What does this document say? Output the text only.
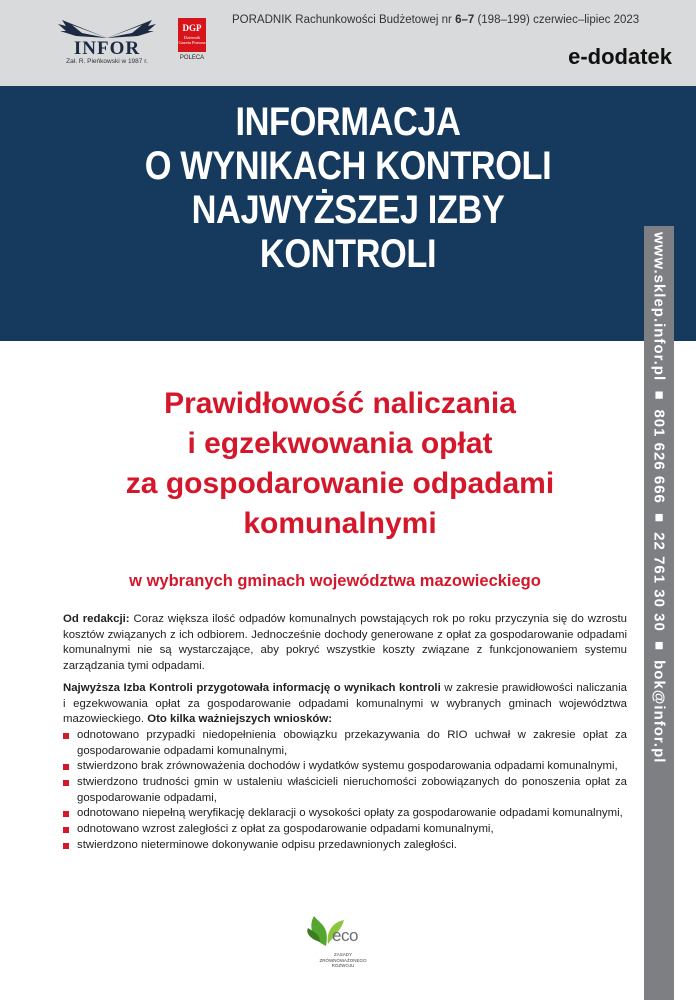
INFOR
Zał. R. Pieńkowski w 1987 r.
DGP
Dziennik Gazeta Prawna
POLECA
PORADNIK Rachunkowości Budżetowej nr 6–7 (198–199) czerwiec–lipiec 2023
e-dodatek
INFORMACJA
O WYNIKACH KONTROLI
NAJWYŻSZEJ IZBY
KONTROLI	www.sklep.infor.pl ■ 801 626 666 ■ 22 761 30 30 ■ bok@infor.pl
Prawidłowość naliczania
i egzekwowania opłat
za gospodarowanie odpadami
komunalnymi
w wybranych gminach województwa mazowieckiego

Od redakcji: Coraz większa ilość odpadów komunalnych powstających rok po roku przyczynia się do wzrostu kosztów związanych z ich odbiorem. Jednocześnie dochody generowane z opłat za gospodarowanie odpadami komunalnymi nie są wystarczające, aby pokryć wszystkie koszty związane z funkcjonowaniem systemu zarządzania tymi odpadami.

Najwyższa Izba Kontroli przygotowała informację o wynikach kontroli w zakresie prawidłowości naliczania i egzekwowania opłat za gospodarowanie odpadami komunalnymi w wybranych gminach województwa mazowieckiego. Oto kilka ważniejszych wniosków:

odnotowano przypadki niedopełnienia obowiązku przekazywania do RIO uchwał w zakresie opłat za gospodarowanie odpadami komunalnymi,
stwierdzono brak zrównoważenia dochodów i wydatków systemu gospodarowania odpadami komunalnymi,
stwierdzono trudności gmin w ustaleniu właścicieli nieruchomości zobowiązanych do ponoszenia opłat za gospodarowanie odpadami,
odnotowano niepełną weryfikację deklaracji o wysokości opłaty za gospodarowanie odpadami komunalnymi,
odnotowano wzrost zaległości z opłat za gospodarowanie odpadami komunalnymi,
stwierdzono nieterminowe dokonywanie odpisu przedawnionych zaległości.
eco
ZASADY ZRÓWNOWAŻONEGO ROZWOJU
